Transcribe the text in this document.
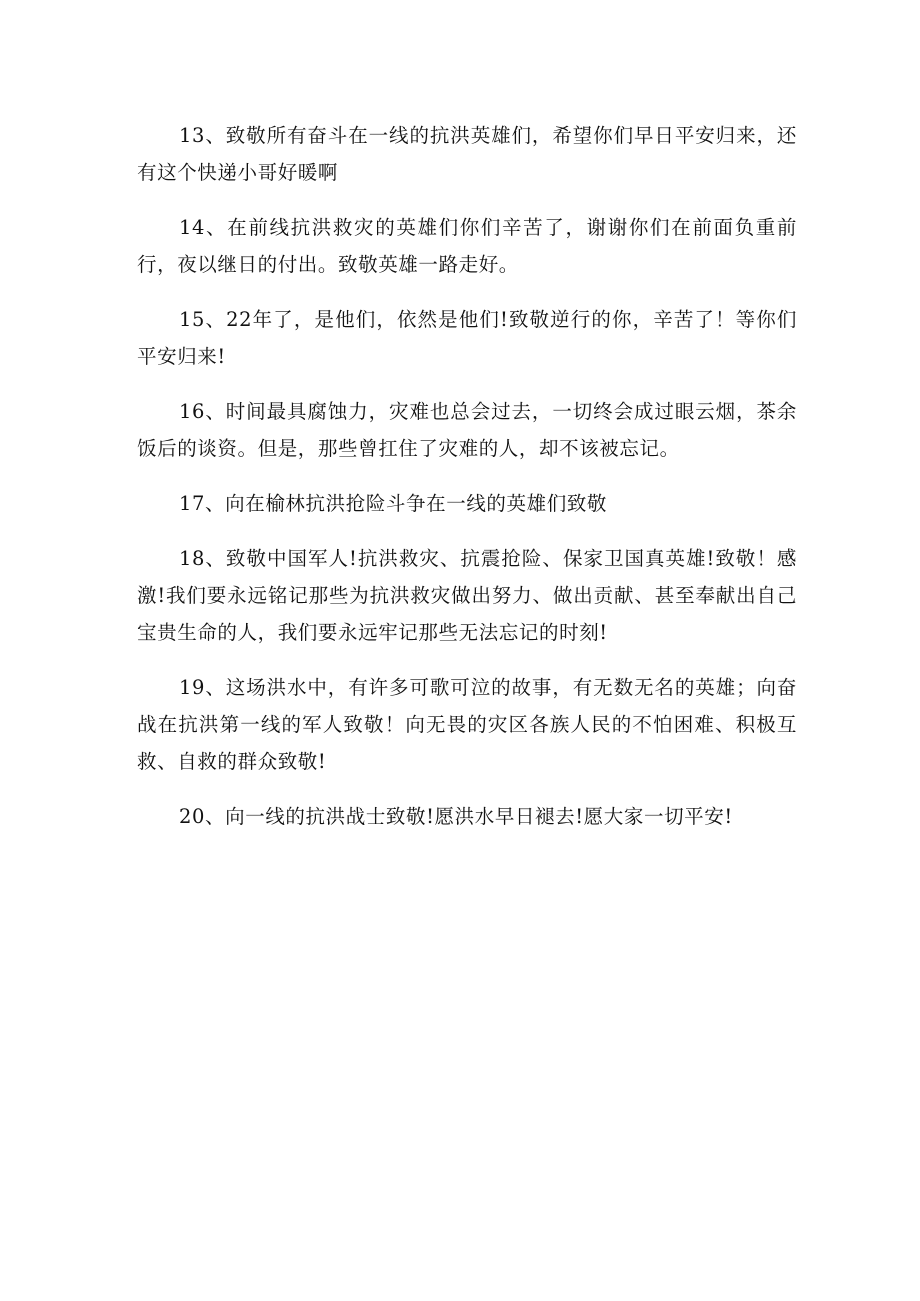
13、致敬所有奋斗在一线的抗洪英雄们，希望你们早日平安归来，还有这个快递小哥好暖啊

14、在前线抗洪救灾的英雄们你们辛苦了，谢谢你们在前面负重前行，夜以继日的付出。致敬英雄一路走好。

15、22年了，是他们，依然是他们!致敬逆行的你，辛苦了！等你们平安归来!

16、时间最具腐蚀力，灾难也总会过去，一切终会成过眼云烟，茶余饭后的谈资。但是，那些曾扛住了灾难的人，却不该被忘记。

17、向在榆林抗洪抢险斗争在一线的英雄们致敬

18、致敬中国军人!抗洪救灾、抗震抢险、保家卫国真英雄!致敬！感激!我们要永远铭记那些为抗洪救灾做出努力、做出贡献、甚至奉献出自己宝贵生命的人，我们要永远牢记那些无法忘记的时刻!

19、这场洪水中，有许多可歌可泣的故事，有无数无名的英雄；向奋战在抗洪第一线的军人致敬！向无畏的灾区各族人民的不怕困难、积极互救、自救的群众致敬!

20、向一线的抗洪战士致敬!愿洪水早日褪去!愿大家一切平安!
